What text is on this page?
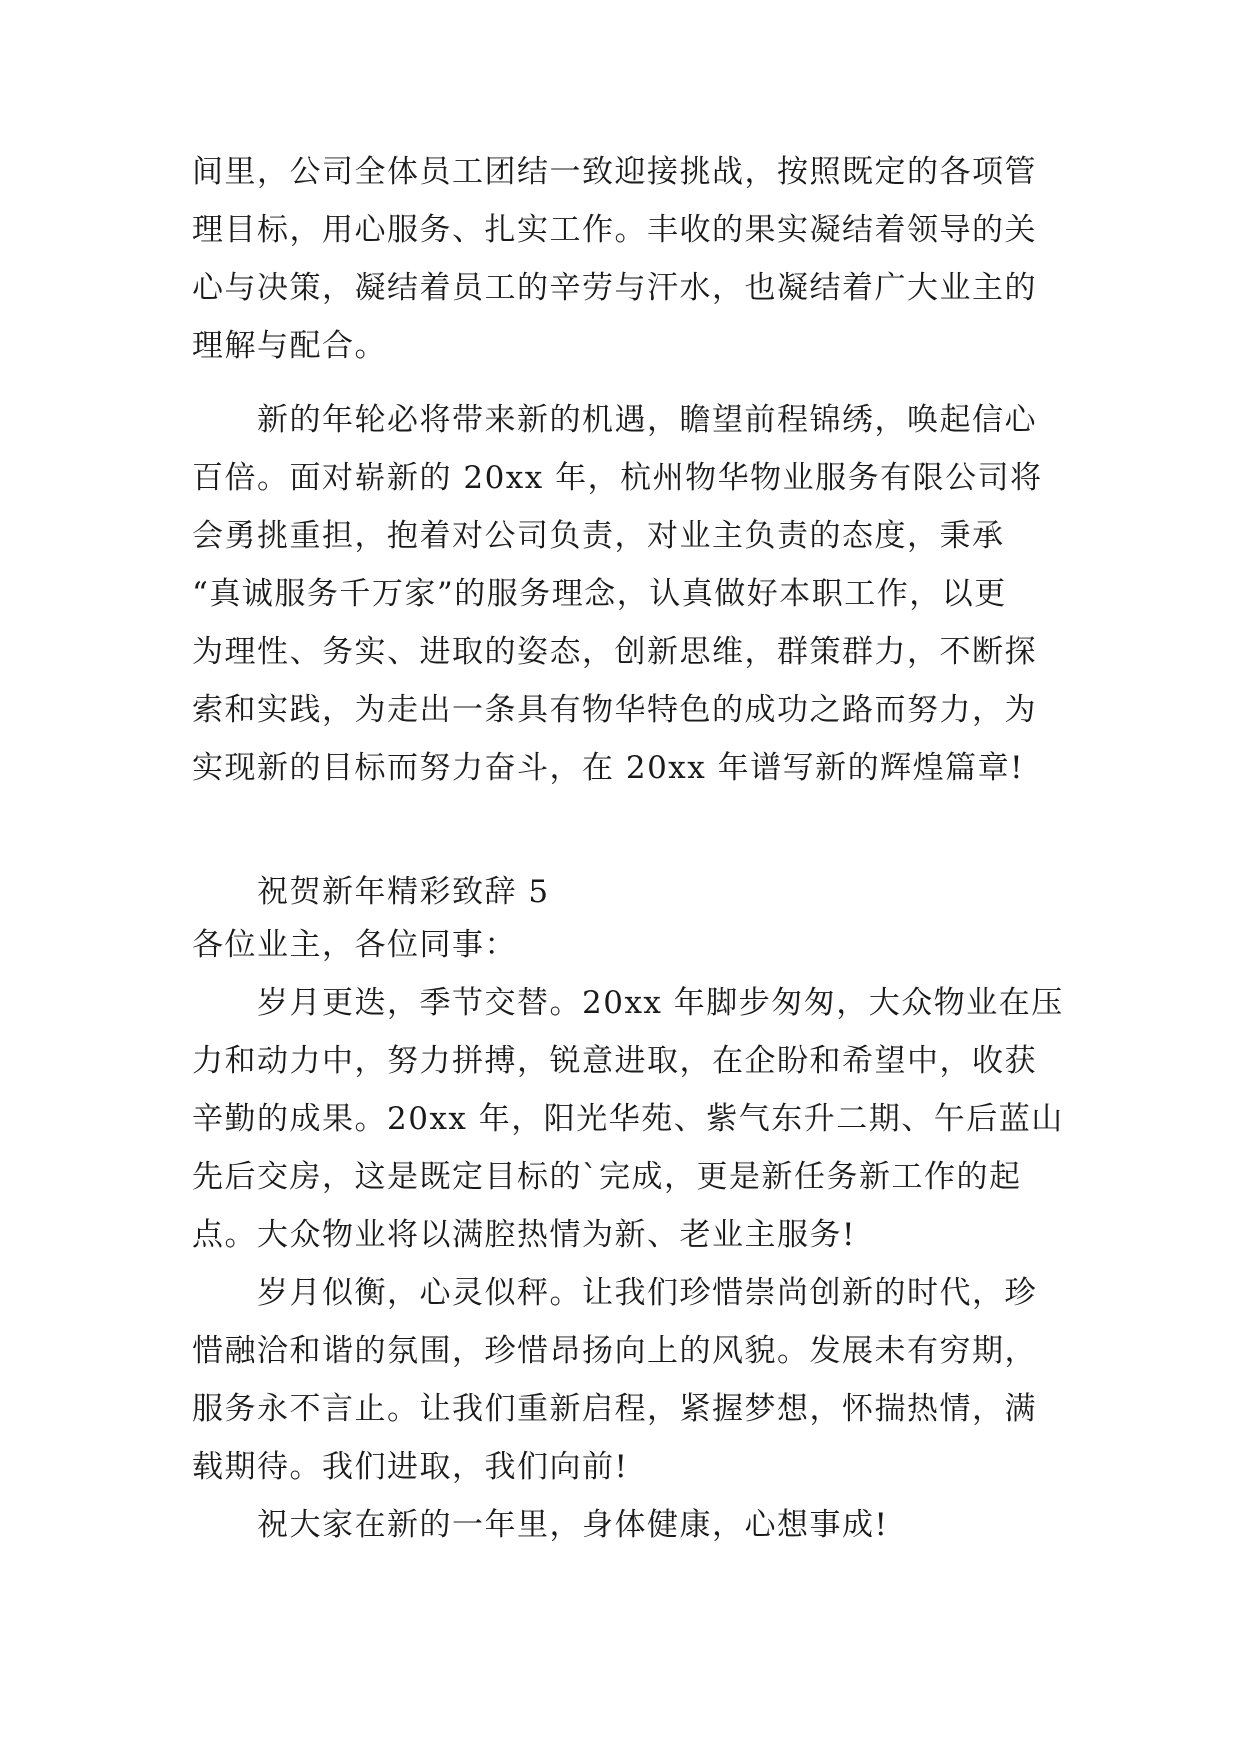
间里，公司全体员工团结一致迎接挑战，按照既定的各项管
理目标，用心服务、扎实工作。丰收的果实凝结着领导的关
心与决策，凝结着员工的辛劳与汗水，也凝结着广大业主的
理解与配合。
新的年轮必将带来新的机遇，瞻望前程锦绣，唤起信心
百倍。面对崭新的 20xx 年，杭州物华物业服务有限公司将
会勇挑重担，抱着对公司负责，对业主负责的态度，秉承
“真诚服务千万家”的服务理念，认真做好本职工作，以更
为理性、务实、进取的姿态，创新思维，群策群力，不断探
索和实践，为走出一条具有物华特色的成功之路而努力，为
实现新的目标而努力奋斗，在 20xx 年谱写新的辉煌篇章!
祝贺新年精彩致辞 5
各位业主，各位同事：
岁月更迭，季节交替。20xx 年脚步匆匆，大众物业在压
力和动力中，努力拼搏，锐意进取，在企盼和希望中，收获
辛勤的成果。20xx 年，阳光华苑、紫气东升二期、午后蓝山
先后交房，这是既定目标的`完成，更是新任务新工作的起
点。大众物业将以满腔热情为新、老业主服务!
岁月似衡，心灵似秤。让我们珍惜崇尚创新的时代，珍
惜融洽和谐的氛围，珍惜昂扬向上的风貌。发展未有穷期，
服务永不言止。让我们重新启程，紧握梦想，怀揣热情，满
载期待。我们进取，我们向前!
祝大家在新的一年里，身体健康，心想事成!
